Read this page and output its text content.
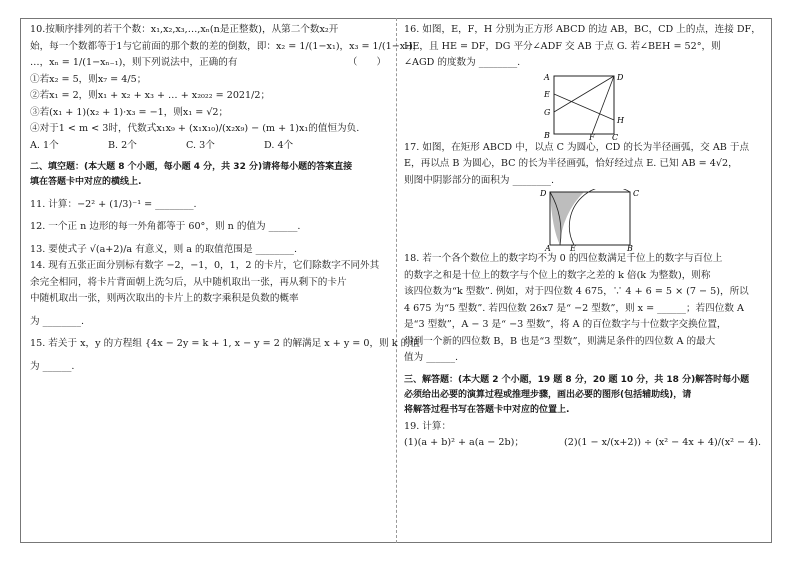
10.按顺序排列的若干个数：x₁,x₂,x₃,…,xₙ(n是正整数)，从第二个数x₂开

始，每一个数都等于1与它前面的那个数的差的倒数，即：x₂ = 1/(1−x₁)，x₃ = 1/(1−x₂)，

…，xₙ = 1/(1−xₙ₋₁)，则下列说法中，正确的有　　　　　　　　　　　　（　　）

①若x₂ = 5，则x₇ = 4/5；

②若x₁ = 2，则x₁ + x₂ + x₃ + … + x₂₀₂₂ = 2021/2；

③若(x₁ + 1)(x₂ + 1)·x₃ = −1，则x₁ = √2；

④对于1 < m < 3时，代数式x₁x₉ + (x₁x₁₀)/(x₂x₉) − (m + 1)x₁的值恒为负.

A. 1个	B. 2个	C. 3个	D. 4个

二、填空题：(本大题 8 个小题，每小题 4 分，共 32 分)请将每小题的答案直接

填在答题卡中对应的横线上.

11. 计算：−2² + (1/3)⁻¹ = ________.

12. 一个正 n 边形的每一外角都等于 60°，则 n 的值为 ______.

13. 要使式子 √(a+2)/a 有意义，则 a 的取值范围是 ________.

14. 现有五张正面分别标有数字 −2，−1，0，1，2 的卡片，它们除数字不同外其

余完全相同，将卡片背面朝上洗匀后，从中随机取出一张，再从剩下的卡片

中随机取出一张，则两次取出的卡片上的数字乘积是负数的概率

为 ________.

15. 若关于 x，y 的方程组 {4x − 2y = k + 1, x − y = 2 的解满足 x + y = 0，则 k 的值

为 ______.

16. 如图，E，F，H 分别为正方形 ABCD 的边 AB，BC，CD 上的点，连接 DF，

HE，且 HE = DF，DG 平分∠ADF 交 AB 于点 G. 若∠BEH = 52°，则

∠AGD 的度数为 ________.

A	D
E
G
H
B	F C

17. 如图，在矩形 ABCD 中，以点 C 为圆心，CD 的长为半径画弧，交 AB 于点

E，再以点 B 为圆心，BC 的长为半径画弧，恰好经过点 E. 已知 AB = 4√2，

则图中阴影部分的面积为 ________.

D	C
A E	B

18. 若一个各个数位上的数字均不为 0 的四位数满足千位上的数字与百位上

的数字之和是十位上的数字与个位上的数字之差的 k 倍(k 为整数)，则称

该四位数为“k 型数”. 例如，对于四位数 4 675，∵ 4 + 6 = 5 × (7 − 5)，所以

4 675 为“5 型数”. 若四位数 26x7 是“ −2 型数”，则 x = ______；若四位数 A

是“3 型数”，A − 3 是“ −3 型数”，将 A 的百位数字与十位数字交换位置，

得到一个新的四位数 B，B 也是“3 型数”，则满足条件的四位数 A 的最大

值为 ______.

三、解答题：(本大题 2 个小题，19 题 8 分，20 题 10 分，共 18 分)解答时每小题

必须给出必要的演算过程或推理步骤，画出必要的图形(包括辅助线)，请

将解答过程书写在答题卡中对应的位置上.

19. 计算：

(1)(a + b)² + a(a − 2b)；	(2)(1 − x/(x+2)) ÷ (x² − 4x + 4)/(x² − 4).
